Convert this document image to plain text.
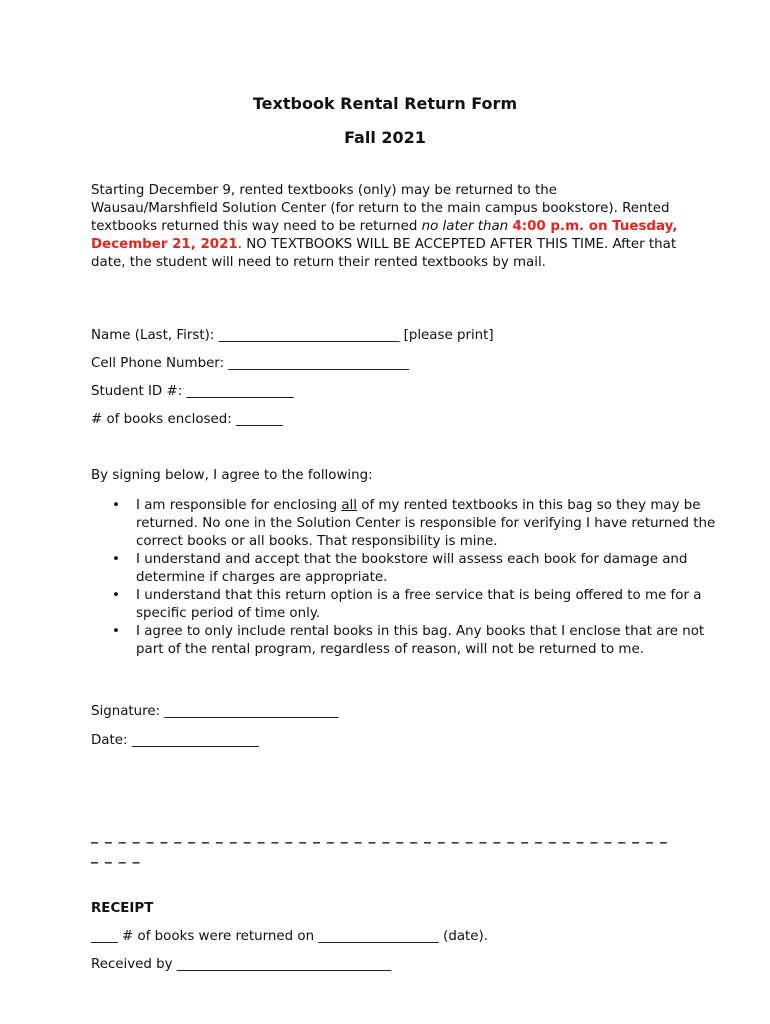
Textbook Rental Return Form
Fall 2021

Starting December 9, rented textbooks (only) may be returned to the Wausau/Marshfield Solution Center (for return to the main campus bookstore). Rented textbooks returned this way need to be returned no later than 4:00 p.m. on Tuesday, December 21, 2021. NO TEXTBOOKS WILL BE ACCEPTED AFTER THIS TIME. After that date, the student will need to return their rented textbooks by mail.

Name (Last, First): ___________________________ [please print]

Cell Phone Number: ___________________________

Student ID #: ________________

# of books enclosed: _______

By signing below, I agree to the following:

• I am responsible for enclosing all of my rented textbooks in this bag so they may be returned. No one in the Solution Center is responsible for verifying I have returned the correct books or all books. That responsibility is mine.
• I understand and accept that the bookstore will assess each book for damage and determine if charges are appropriate.
• I understand that this return option is a free service that is being offered to me for a specific period of time only.
• I agree to only include rental books in this bag. Any books that I enclose that are not part of the rental program, regardless of reason, will not be returned to me.

Signature: __________________________

Date: ___________________

_ _ _ _ _ _ _ _ _ _ _ _ _ _ _ _ _ _ _ _ _ _ _ _ _ _ _ _ _ _ _ _ _ _ _ _ _ _ _ _ _ _ _ _ _ _

RECEIPT

____ # of books were returned on __________________ (date).

Received by ________________________________
